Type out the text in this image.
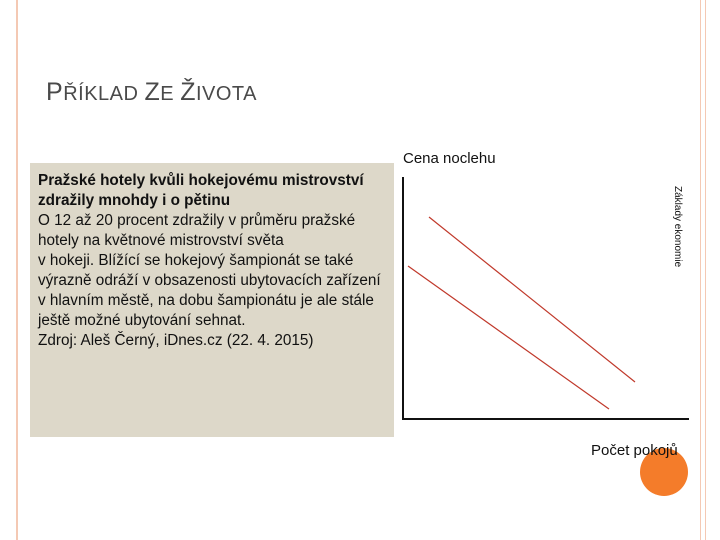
PŘÍKLAD ZE ŽIVOTA

Pražské hotely kvůli hokejovému mistrovství zdražily mnohdy i o pětinu

O 12 až 20 procent zdražily v průměru pražské hotely na květnové mistrovství světa

v hokeji. Blížící se hokejový šampionát se také výrazně odráží v obsazenosti ubytovacích zařízení v hlavním městě, na dobu šampionátu je ale stále ještě možné ubytování sehnat.

Zdroj: Aleš Černý, iDnes.cz (22. 4. 2015)

Cena noclehu
Základy ekonomie
Počet pokojů
